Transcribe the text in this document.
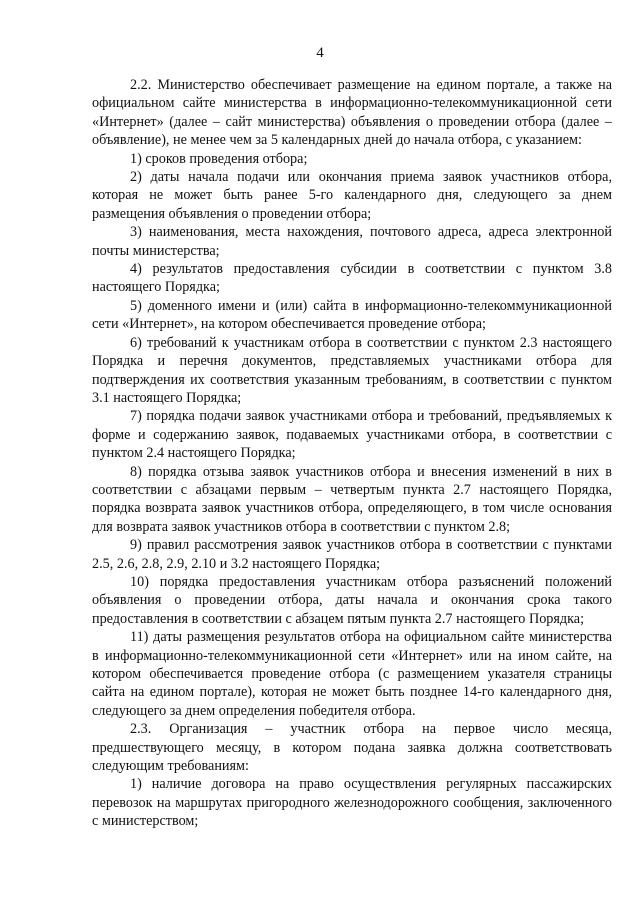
4

2.2. Министерство обеспечивает размещение на едином портале, а также на официальном сайте министерства в информационно-телекоммуникационной сети «Интернет» (далее – сайт министерства) объявления о проведении отбора (далее – объявление), не менее чем за 5 календарных дней до начала отбора, с указанием:

1) сроков проведения отбора;

2) даты начала подачи или окончания приема заявок участников отбора, которая не может быть ранее 5-го календарного дня, следующего за днем размещения объявления о проведении отбора;

3) наименования, места нахождения, почтового адреса, адреса электронной почты министерства;

4) результатов предоставления субсидии в соответствии с пунктом 3.8 настоящего Порядка;

5) доменного имени и (или) сайта в информационно-телекоммуникационной сети «Интернет», на котором обеспечивается проведение отбора;

6) требований к участникам отбора в соответствии с пунктом 2.3 настоящего Порядка и перечня документов, представляемых участниками отбора для подтверждения их соответствия указанным требованиям, в соответствии с пунктом 3.1 настоящего Порядка;

7) порядка подачи заявок участниками отбора и требований, предъявляемых к форме и содержанию заявок, подаваемых участниками отбора, в соответствии с пунктом 2.4 настоящего Порядка;

8) порядка отзыва заявок участников отбора и внесения изменений в них в соответствии с абзацами первым – четвертым пункта 2.7 настоящего Порядка, порядка возврата заявок участников отбора, определяющего, в том числе основания для возврата заявок участников отбора в соответствии с пунктом 2.8;

9) правил рассмотрения заявок участников отбора в соответствии с пунктами 2.5, 2.6, 2.8, 2.9, 2.10 и 3.2 настоящего Порядка;

10) порядка предоставления участникам отбора разъяснений положений объявления о проведении отбора, даты начала и окончания срока такого предоставления в соответствии с абзацем пятым пункта 2.7 настоящего Порядка;

11) даты размещения результатов отбора на официальном сайте министерства в информационно-телекоммуникационной сети «Интернет» или на ином сайте, на котором обеспечивается проведение отбора (с размещением указателя страницы сайта на едином портале), которая не может быть позднее 14-го календарного дня, следующего за днем определения победителя отбора.

2.3. Организация – участник отбора на первое число месяца, предшествующего месяцу, в котором подана заявка должна соответствовать следующим требованиям:

1) наличие договора на право осуществления регулярных пассажирских перевозок на маршрутах пригородного железнодорожного сообщения, заключенного с министерством;
